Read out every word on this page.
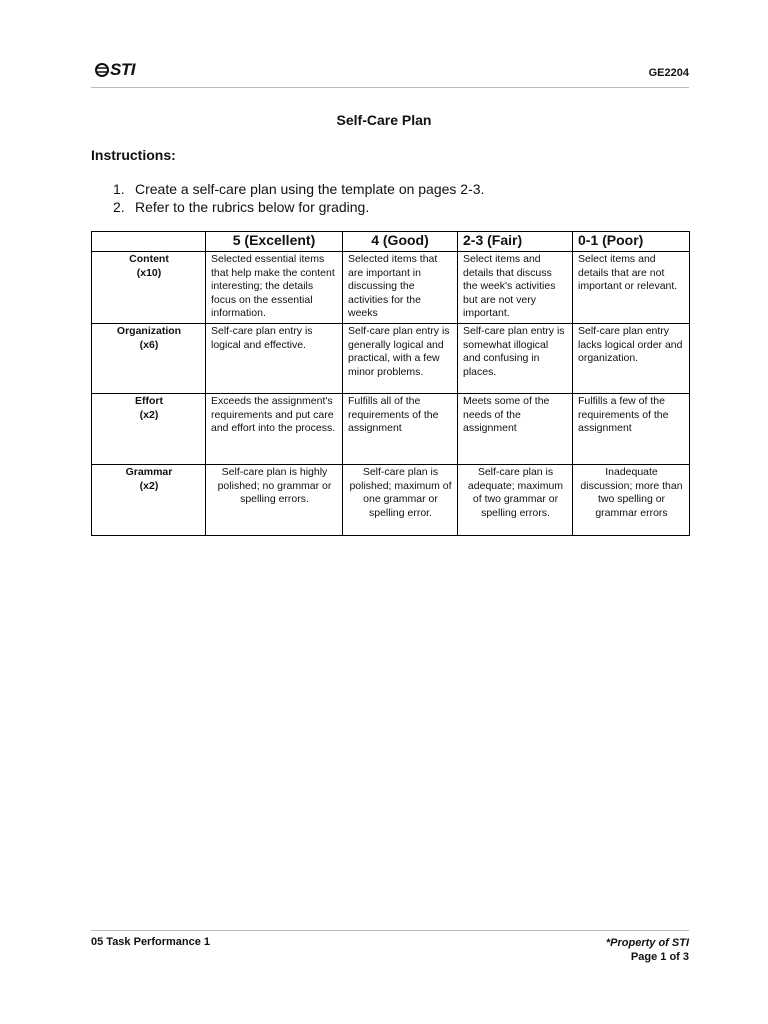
STI	GE2204
Self-Care Plan
Instructions:
1. Create a self-care plan using the template on pages 2-3.
2. Refer to the rubrics below for grading.
	5 (Excellent)	4 (Good)	2-3 (Fair)	0-1 (Poor)

Content
(x10)	Selected essential items that help make the content interesting; the details focus on the essential information.	Selected items that are important in discussing the activities for the weeks	Select items and details that discuss the week's activities but are not very important.	Select items and details that are not important or relevant.

Organization
(x6)	Self-care plan entry is logical and effective.	Self-care plan entry is generally logical and practical, with a few minor problems.	Self-care plan entry is somewhat illogical and confusing in places.	Self-care plan entry lacks logical order and organization.

Effort
(x2)	Exceeds the assignment's requirements and put care and effort into the process.	Fulfills all of the requirements of the assignment	Meets some of the needs of the assignment	Fulfills a few of the requirements of the assignment

Grammar
(x2)	Self-care plan is highly polished; no grammar or spelling errors.	Self-care plan is polished; maximum of one grammar or spelling error.	Self-care plan is adequate; maximum of two grammar or spelling errors.	Inadequate discussion; more than two spelling or grammar errors
05 Task Performance 1	*Property of STI
Page 1 of 3
